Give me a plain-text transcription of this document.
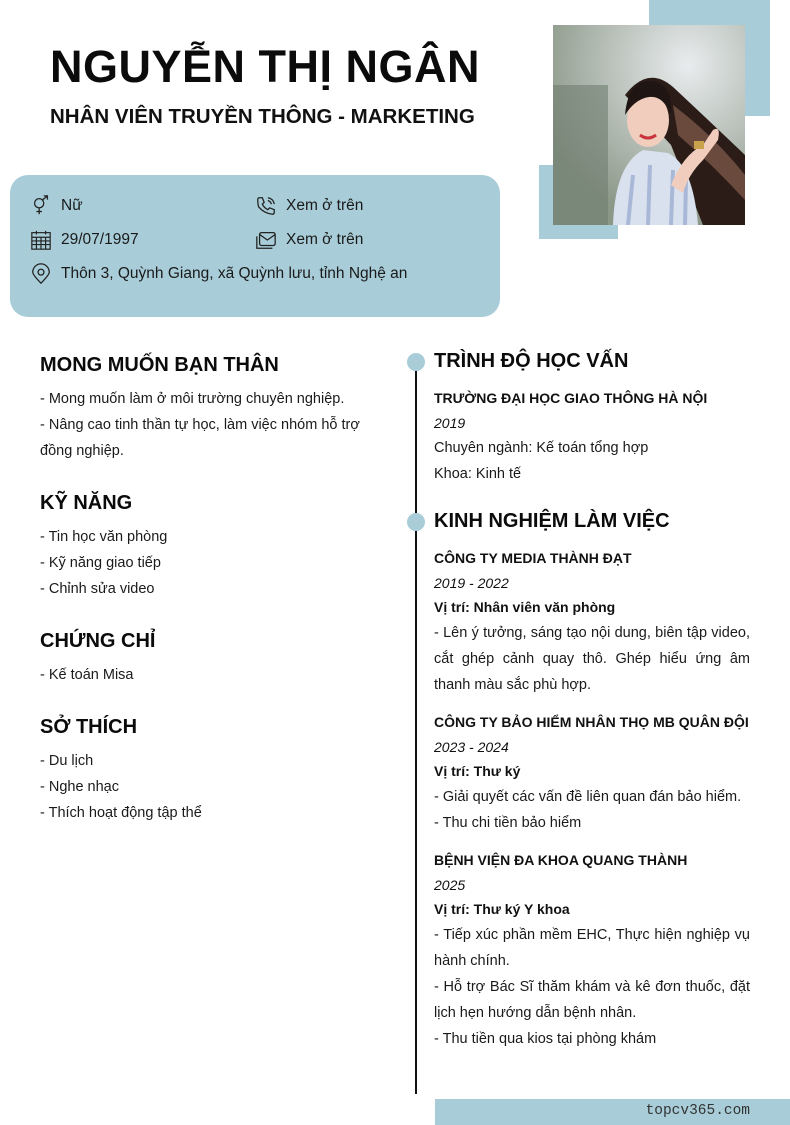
NGUYỄN THỊ NGÂN
NHÂN VIÊN TRUYỀN THÔNG - MARKETING
Nữ	Xem ở trên
29/07/1997	Xem ở trên
Thôn 3, Quỳnh Giang, xã Quỳnh lưu, tỉnh Nghệ an
MONG MUỐN BẠN THÂN

- Mong muốn làm ở môi trường chuyên nghiệp.

- Nâng cao tinh thần tự học, làm việc nhóm hỗ trợ đồng nghiệp.

KỸ NĂNG

- Tin học văn phòng

- Kỹ năng giao tiếp

- Chỉnh sửa video

CHỨNG CHỈ

- Kế toán Misa

SỞ THÍCH

- Du lịch

- Nghe nhạc

- Thích hoạt động tập thể

TRÌNH ĐỘ HỌC VẤN

TRƯỜNG ĐẠI HỌC GIAO THÔNG HÀ NỘI

2019

Chuyên ngành: Kế toán tổng hợp

Khoa: Kinh tế

KINH NGHIỆM LÀM VIỆC

CÔNG TY MEDIA THÀNH ĐẠT

2019 - 2022

Vị trí: Nhân viên văn phòng

- Lên ý tưởng, sáng tạo nội dung, biên tập video, cắt ghép cảnh quay thô. Ghép hiểu ứng âm thanh màu sắc phù hợp.

CÔNG TY BẢO HIỂM NHÂN THỌ MB QUÂN ĐỘI

2023 - 2024

Vị trí: Thư ký

- Giải quyết các vấn đề liên quan đán bảo hiểm.

- Thu chi tiền bảo hiểm

BỆNH VIỆN ĐA KHOA QUANG THÀNH

2025

Vị trí: Thư ký Y khoa

- Tiếp xúc phần mềm EHC, Thực hiện nghiệp vụ hành chính.

- Hỗ trợ Bác Sĩ thăm khám và kê đơn thuốc, đặt lịch hẹn hướng dẫn bệnh nhân.

- Thu tiền qua kios tại phòng khám

topcv365.com
